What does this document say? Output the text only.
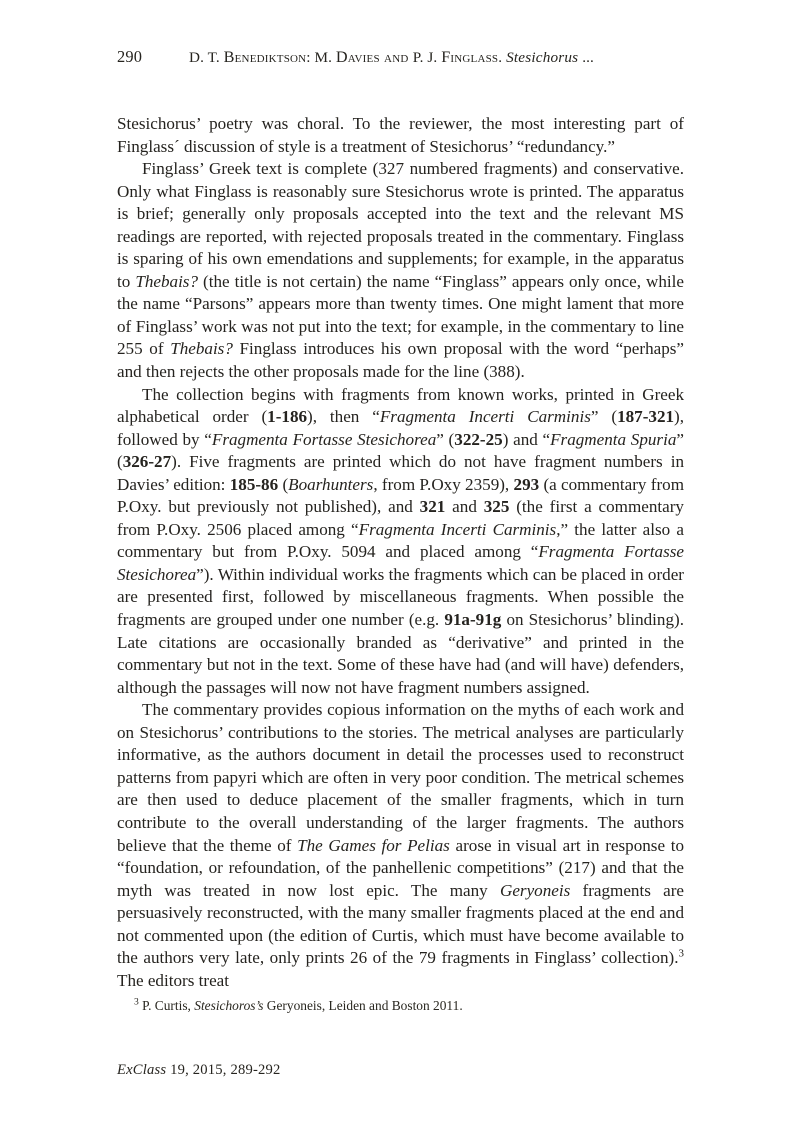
290	D. T. Benediktson: M. Davies and P. J. Finglass. Stesichorus ...

Stesichorus’ poetry was choral. To the reviewer, the most interesting part of Finglass´ discussion of style is a treatment of Stesichorus’ “redundancy.”

Finglass’ Greek text is complete (327 numbered fragments) and conservative. Only what Finglass is reasonably sure Stesichorus wrote is printed. The apparatus is brief; generally only proposals accepted into the text and the relevant MS readings are reported, with rejected proposals treated in the commentary. Finglass is sparing of his own emendations and supplements; for example, in the apparatus to Thebais? (the title is not certain) the name “Finglass” appears only once, while the name “Parsons” appears more than twenty times. One might lament that more of Finglass’ work was not put into the text; for example, in the commentary to line 255 of Thebais? Finglass introduces his own proposal with the word “perhaps” and then rejects the other proposals made for the line (388).

The collection begins with fragments from known works, printed in Greek alphabetical order (1-186), then “Fragmenta Incerti Carminis” (187-321), followed by “Fragmenta Fortasse Stesichorea” (322-25) and “Fragmenta Spuria” (326-27). Five fragments are printed which do not have fragment numbers in Davies’ edition: 185-86 (Boarhunters, from P.Oxy 2359), 293 (a commentary from P.Oxy. but previously not published), and 321 and 325 (the first a commentary from P.Oxy. 2506 placed among “Fragmenta Incerti Carminis,” the latter also a commentary but from P.Oxy. 5094 and placed among “Fragmenta Fortasse Stesichorea”). Within individual works the fragments which can be placed in order are presented first, followed by miscellaneous fragments. When possible the fragments are grouped under one number (e.g. 91a-91g on Stesichorus’ blinding). Late citations are occasionally branded as “derivative” and printed in the commentary but not in the text. Some of these have had (and will have) defenders, although the passages will now not have fragment numbers assigned.

The commentary provides copious information on the myths of each work and on Stesichorus’ contributions to the stories. The metrical analyses are particularly informative, as the authors document in detail the processes used to reconstruct patterns from papyri which are often in very poor condition. The metrical schemes are then used to deduce placement of the smaller fragments, which in turn contribute to the overall understanding of the larger fragments. The authors believe that the theme of The Games for Pelias arose in visual art in response to “foundation, or refoundation, of the panhellenic competitions” (217) and that the myth was treated in now lost epic. The many Geryoneis fragments are persuasively reconstructed, with the many smaller fragments placed at the end and not commented upon (the edition of Curtis, which must have become available to the authors very late, only prints 26 of the 79 fragments in Finglass’ collection).$^3$ The editors treat

$^3$ P. Curtis, Stesichoros’s Geryoneis, Leiden and Boston 2011.
ExClass 19, 2015, 289-292
